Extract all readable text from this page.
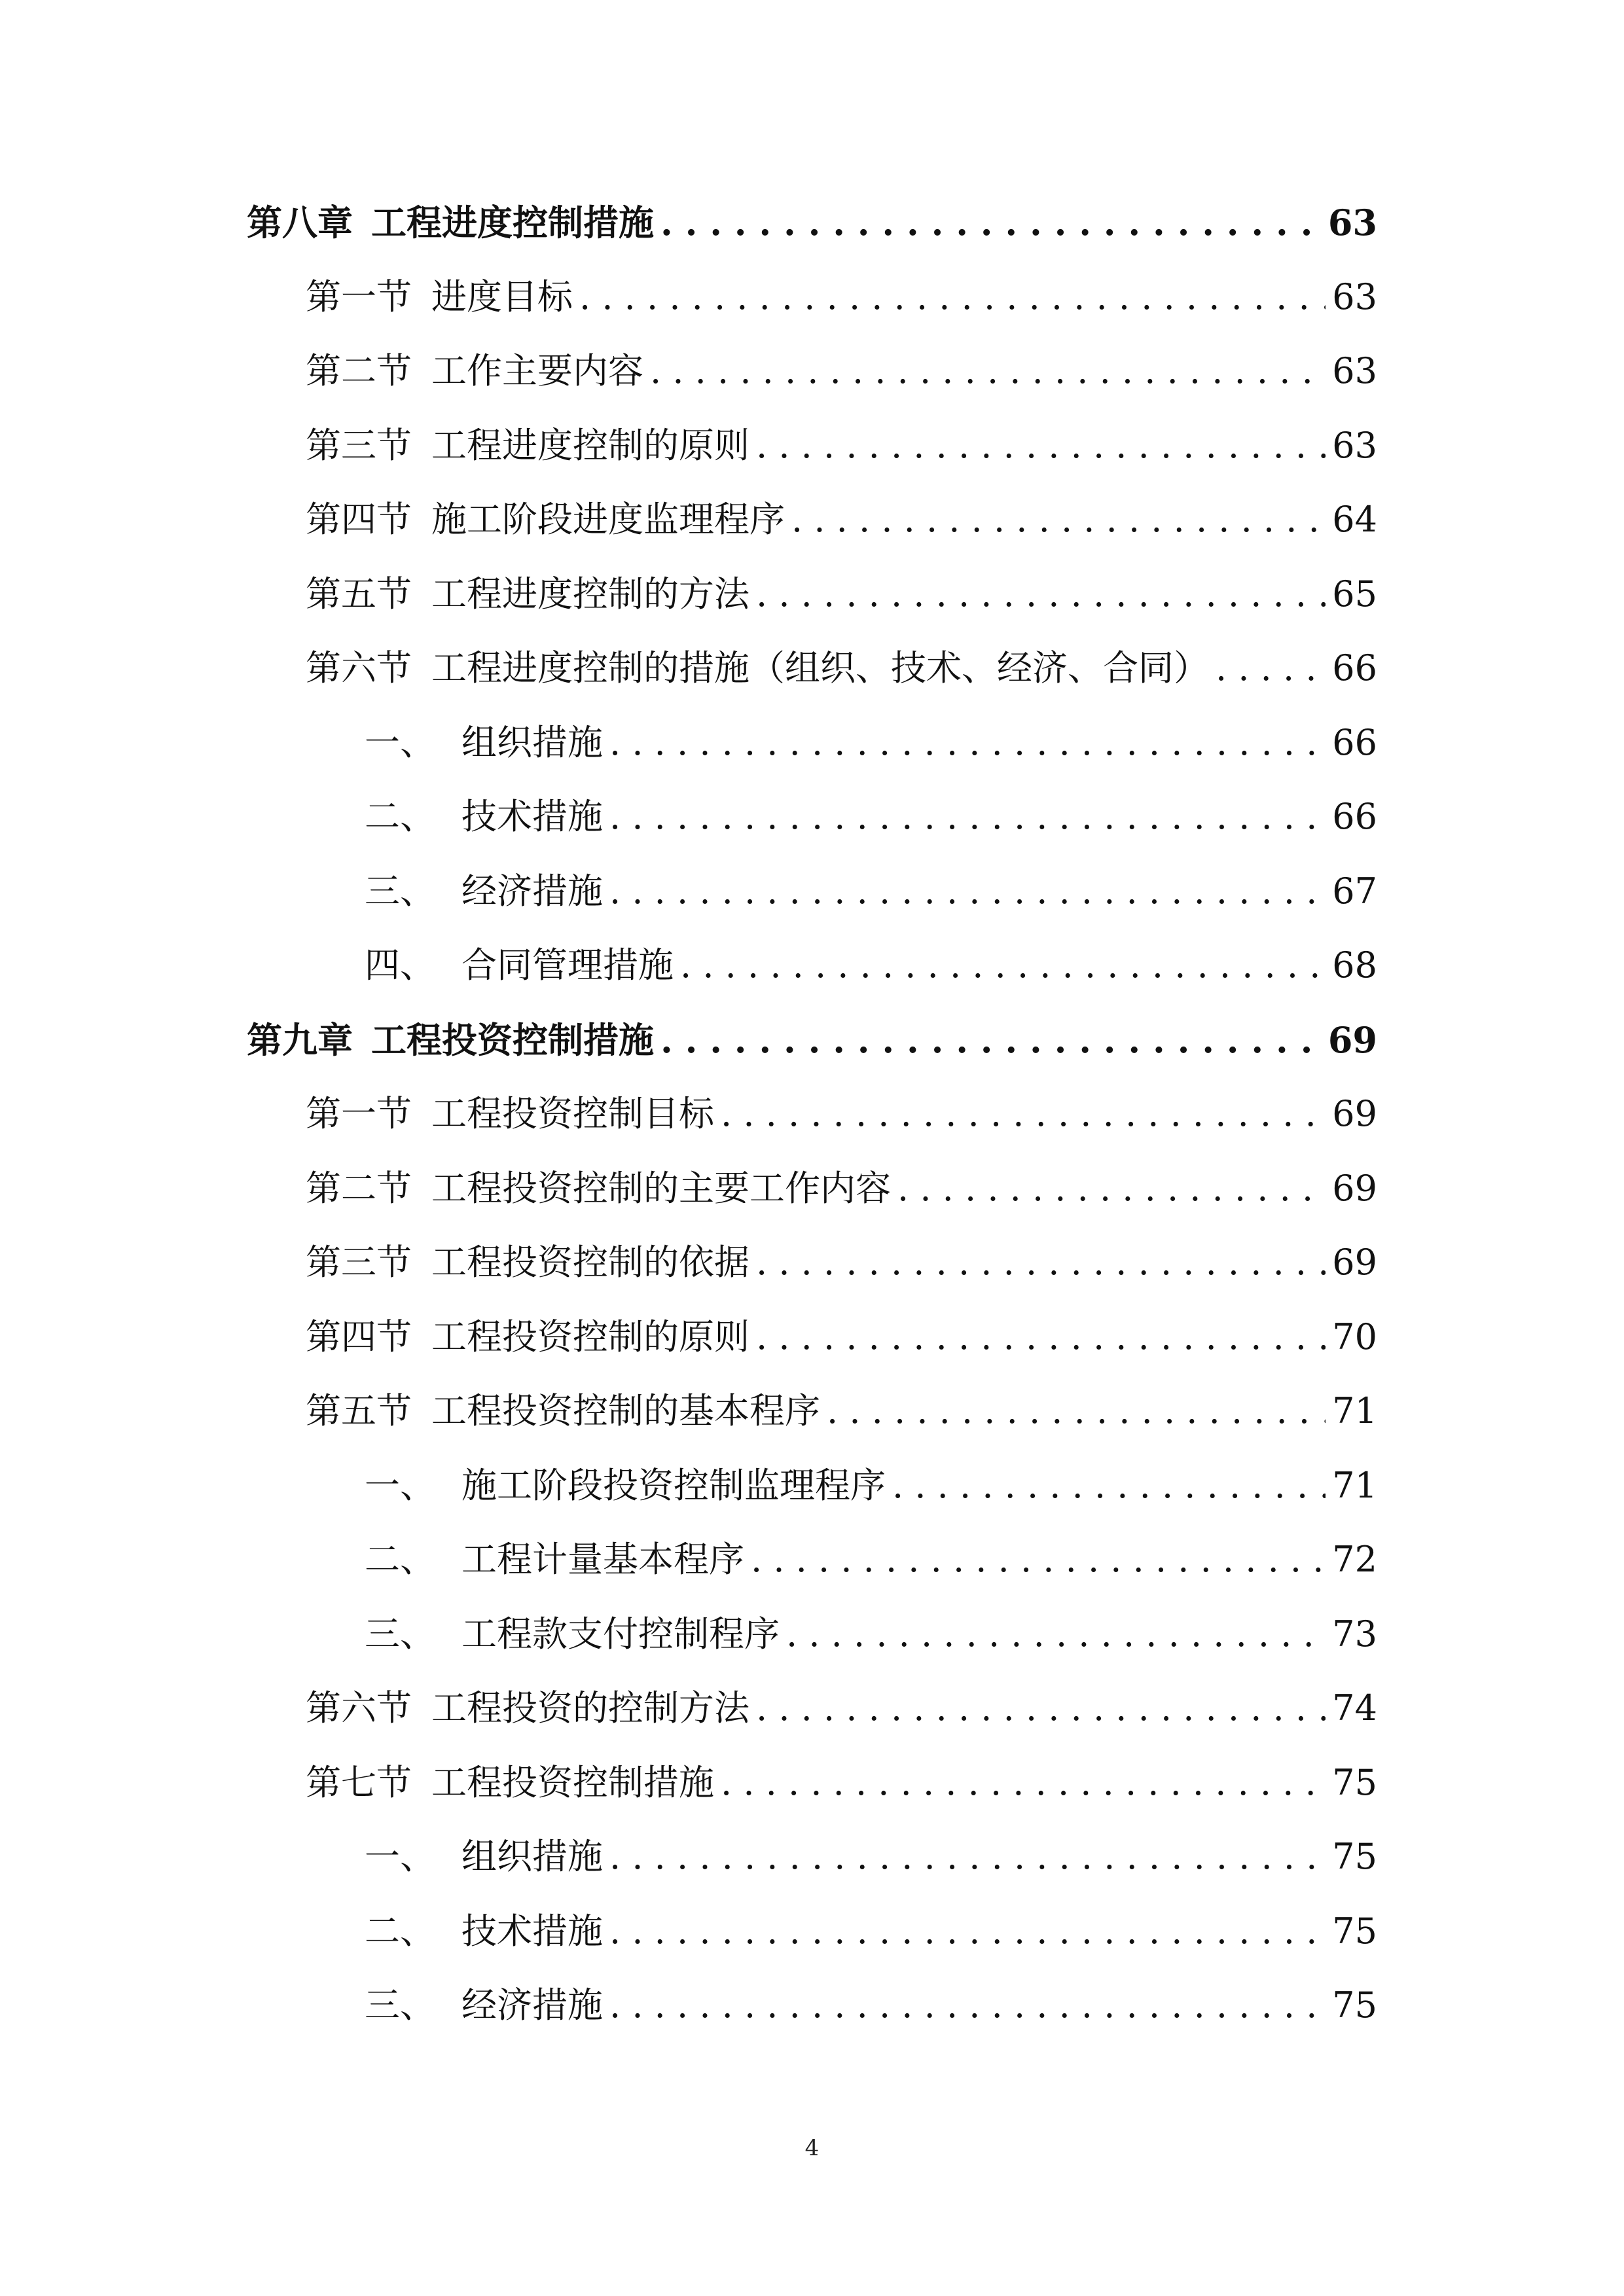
第八章 工程进度控制措施 . . .	63
第一节 进度目标 . . .	63
第二节 工作主要内容 . . .	63
第三节 工程进度控制的原则 . . .	63
第四节 施工阶段进度监理程序 . . .	64
第五节 工程进度控制的方法 . . .	65
第六节 工程进度控制的措施（组织、技术、经济、合同） . . .	66
一、 组织措施 . . .	66
二、 技术措施 . . .	66
三、 经济措施 . . .	67
四、 合同管理措施 . . .	68
第九章 工程投资控制措施 . . .	69
第一节 工程投资控制目标 . . .	69
第二节 工程投资控制的主要工作内容 . . .	69
第三节 工程投资控制的依据 . . .	69
第四节 工程投资控制的原则 . . .	70
第五节 工程投资控制的基本程序 . . .	71
一、 施工阶段投资控制监理程序 . . .	71
二、 工程计量基本程序 . . .	72
三、 工程款支付控制程序 . . .	73
第六节 工程投资的控制方法 . . .	74
第七节 工程投资控制措施 . . .	75
一、 组织措施 . . .	75
二、 技术措施 . . .	75
三、 经济措施 . . .	75
4
